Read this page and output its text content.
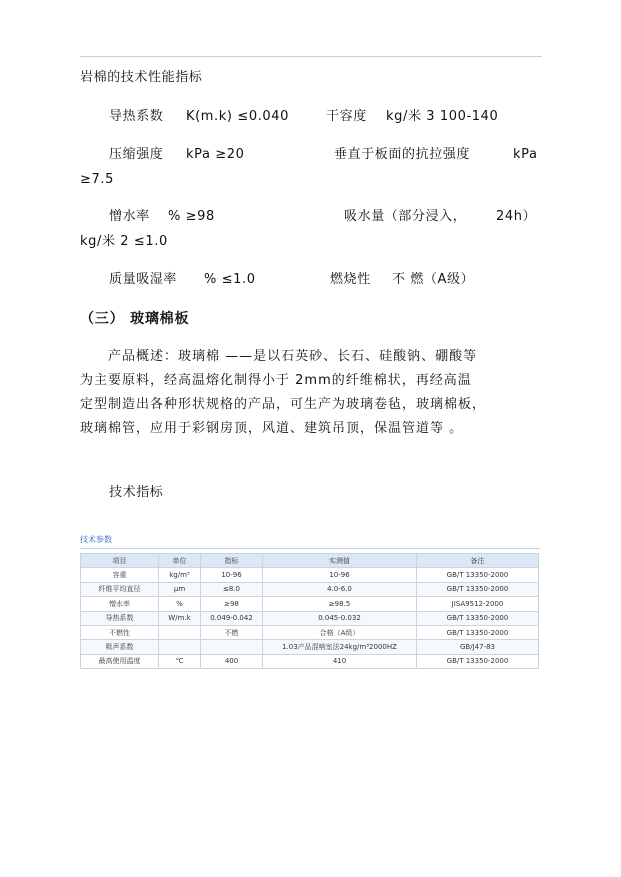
岩棉的技术性能指标
导热系数 K(m.k) ≤0.040	干容度 kg/米 3 100-140
压缩强度 kPa ≥20	垂直于板面的抗拉强度	kPa
≥7.5
憎水率 % ≥98	吸水量（部分浸入， 24h）
kg/米 2 ≤1.0
质量吸湿率 % ≤1.0	燃烧性 不 燃（A级）
（三） 玻璃棉板
产品概述：玻璃棉 ——是以石英砂、长石、硅酸钠、硼酸等
为主要原料，经高温熔化制得小于 2mm的纤维棉状，再经高温
定型制造出各种形状规格的产品，可生产为玻璃卷毡，玻璃棉板，
玻璃棉管，应用于彩钢房顶，风道、建筑吊顶，保温管道等 。
技术指标
技术参数
项目	单位	指标	实测值	备注
容重	kg/m³	10-96	10-96	GB/T 13350-2000
纤维平均直径	μm	≤8.0	4.0-6.0	GB/T 13350-2000
憎水率	%	≥98	≥98.5	JISA9512-2000
导热系数	W/m.k	0.049-0.042	0.045-0.032	GB/T 13350-2000
不燃性		不燃	合格（A级）	GB/T 13350-2000
吸声系数			1.03产品混响室法24kg/m³2000HZ	GB/J47-83
最高使用温度	℃	400	410	GB/T 13350-2000
